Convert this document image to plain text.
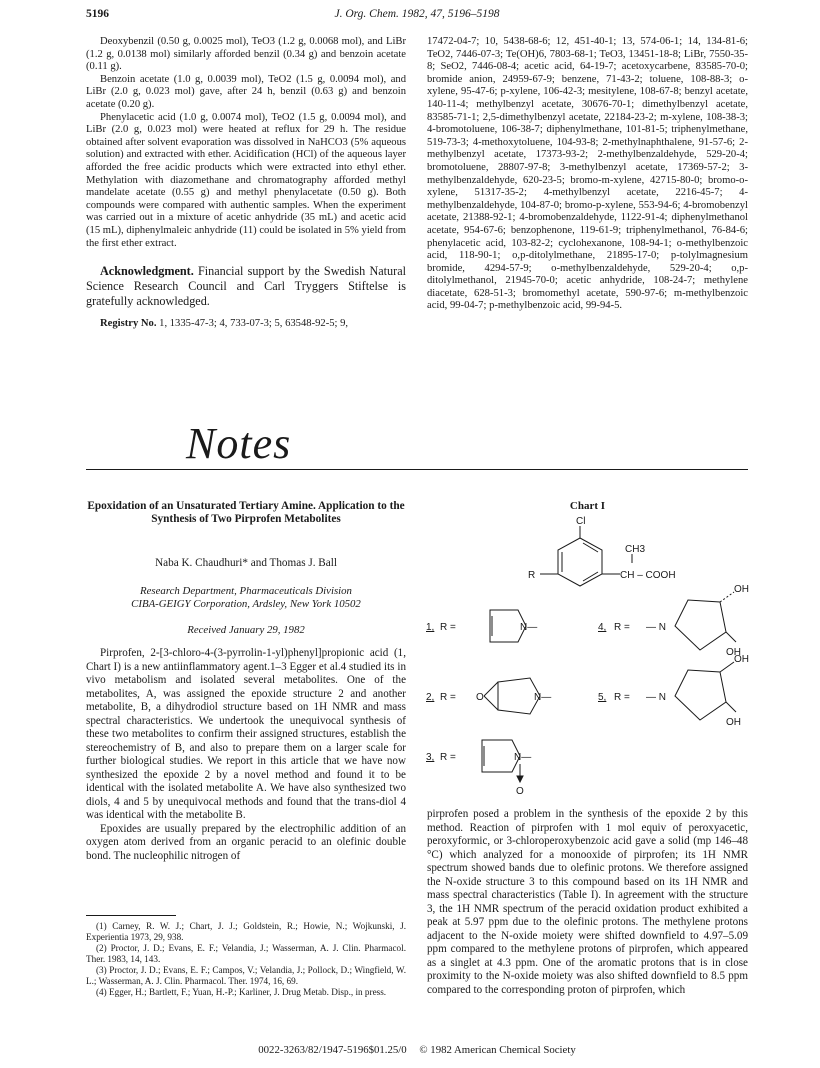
5196	J. Org. Chem. 1982, 47, 5196–5198

Deoxybenzil (0.50 g, 0.0025 mol), TeO3 (1.2 g, 0.0068 mol), and LiBr (1.2 g, 0.0138 mol) similarly afforded benzil (0.34 g) and benzoin acetate (0.11 g).

Benzoin acetate (1.0 g, 0.0039 mol), TeO2 (1.5 g, 0.0094 mol), and LiBr (2.0 g, 0.023 mol) gave, after 24 h, benzil (0.63 g) and benzoin acetate (0.20 g).

Phenylacetic acid (1.0 g, 0.0074 mol), TeO2 (1.5 g, 0.0094 mol), and LiBr (2.0 g, 0.023 mol) were heated at reflux for 29 h. The residue obtained after solvent evaporation was dissolved in NaHCO3 (5% aqueous solution) and extracted with ether. Acidification (HCl) of the aqueous layer afforded the free acidic products which were extracted into ethyl ether. Methylation with diazomethane and chromatography afforded methyl mandelate acetate (0.55 g) and methyl phenylacetate (0.50 g). Both compounds were compared with authentic samples. When the experiment was carried out in a mixture of acetic anhydride (35 mL) and acetic acid (15 mL), diphenylmaleic anhydride (11) could be isolated in 5% yield from the first ether extract.

Acknowledgment. Financial support by the Swedish Natural Science Research Council and Carl Tryggers Stiftelse is gratefully acknowledged.

Registry No. 1, 1335-47-3; 4, 733-07-3; 5, 63548-92-5; 9,

17472-04-7; 10, 5438-68-6; 12, 451-40-1; 13, 574-06-1; 14, 134-81-6; TeO2, 7446-07-3; Te(OH)6, 7803-68-1; TeO3, 13451-18-8; LiBr, 7550-35-8; SeO2, 7446-08-4; acetic acid, 64-19-7; acetoxycarbene, 83585-70-0; bromide anion, 24959-67-9; benzene, 71-43-2; toluene, 108-88-3; o-xylene, 95-47-6; p-xylene, 106-42-3; mesitylene, 108-67-8; benzyl acetate, 140-11-4; methylbenzyl acetate, 30676-70-1; dimethylbenzyl acetate, 83585-71-1; 2,5-dimethylbenzyl acetate, 22184-23-2; m-xylene, 108-38-3; 4-bromotoluene, 106-38-7; diphenylmethane, 101-81-5; triphenylmethane, 519-73-3; 4-methoxytoluene, 104-93-8; 2-methylnaphthalene, 91-57-6; 2-methylbenzyl acetate, 17373-93-2; 2-methylbenzaldehyde, 529-20-4; bromotoluene, 28807-97-8; 3-methylbenzyl acetate, 17369-57-2; 3-methylbenzaldehyde, 620-23-5; bromo-m-xylene, 42715-80-0; bromo-o-xylene, 51317-35-2; 4-methylbenzyl acetate, 2216-45-7; 4-methylbenzaldehyde, 104-87-0; bromo-p-xylene, 553-94-6; 4-bromobenzyl acetate, 21388-92-1; 4-bromobenzaldehyde, 1122-91-4; diphenylmethanol acetate, 954-67-6; benzophenone, 119-61-9; triphenylmethanol, 76-84-6; phenylacetic acid, 103-82-2; cyclohexanone, 108-94-1; o-methylbenzoic acid, 118-90-1; o,p-ditolylmethane, 21895-17-0; p-tolylmagnesium bromide, 4294-57-9; o-methylbenzaldehyde, 529-20-4; o,p-ditolylmethanol, 21945-70-0; acetic anhydride, 108-24-7; methylene diacetate, 628-51-3; bromomethyl acetate, 590-97-6; m-methylbenzoic acid, 99-04-7; p-methylbenzoic acid, 99-94-5.

Notes
Epoxidation of an Unsaturated Tertiary Amine. Application to the Synthesis of Two Pirprofen Metabolites
Naba K. Chaudhuri* and Thomas J. Ball
Research Department, Pharmaceuticals Division
CIBA-GEIGY Corporation, Ardsley, New York 10502
Received January 29, 1982

Pirprofen, 2-[3-chloro-4-(3-pyrrolin-1-yl)phenyl]propionic acid (1, Chart I) is a new antiinflammatory agent.1–3 Egger et al.4 studied its in vivo metabolism and isolated several metabolites. One of the metabolites, A, was assigned the epoxide structure 2 and another metabolite, B, a dihydrodiol structure based on 1H NMR and mass spectral characteristics. We undertook the unequivocal synthesis of these two metabolites to confirm their assigned structures, establish the stereochemistry of B, and also to prepare them on a larger scale for further biological studies. We report in this article that we have now synthesized the epoxide 2 by a novel method and found it to be identical with the isolated metabolite A. We have also synthesized two diols, 4 and 5 by unequivocal methods and found that the trans-diol 4 was identical with the metabolite B.

Epoxides are usually prepared by the electrophilic addition of an oxygen atom derived from an organic peracid to an olefinic double bond. The nucleophilic nitrogen of

(1) Carney, R. W. J.; Chart, J. J.; Goldstein, R.; Howie, N.; Wojkunski, J. Experientia 1973, 29, 938.

(2) Proctor, J. D.; Evans, E. F.; Velandia, J.; Wasserman, A. J. Clin. Pharmacol. Ther. 1983, 14, 143.

(3) Proctor, J. D.; Evans, E. F.; Campos, V.; Velandia, J.; Pollock, D.; Wingfield, W. L.; Wasserman, A. J. Clin. Pharmacol. Ther. 1974, 16, 69.

(4) Egger, H.; Bartlett, F.; Yuan, H.-P.; Karliner, J. Drug Metab. Disp., in press.

Chart I
Cl
R
CH3
CH – COOH
1, R =	N—	4, R = — N
OH
OH
2, R = O	N—	5, R = — N
OH
OH
3, R =	N—
O

pirprofen posed a problem in the synthesis of the epoxide 2 by this method. Reaction of pirprofen with 1 mol equiv of peroxyacetic, peroxyformic, or 3-chloroperoxybenzoic acid gave a solid (mp 146–48 °C) which analyzed for a monooxide of pirprofen; its 1H NMR spectrum showed bands due to olefinic protons. We therefore assigned the N-oxide structure 3 to this compound based on its 1H NMR and mass spectral characteristics (Table I). In agreement with the structure 3, the 1H NMR spectrum of the peracid oxidation product exhibited a peak at 5.97 ppm due to the olefinic protons. The methylene protons adjacent to the N-oxide moiety were shifted downfield to 4.97–5.09 ppm compared to the methylene protons of pirprofen, which appeared as a singlet at 4.3 ppm. One of the aromatic protons that is in close proximity to the N-oxide moiety was also shifted downfield to 8.5 ppm compared to the corresponding proton of pirprofen, which

0022-3263/82/1947-5196$01.25/0 © 1982 American Chemical Society
